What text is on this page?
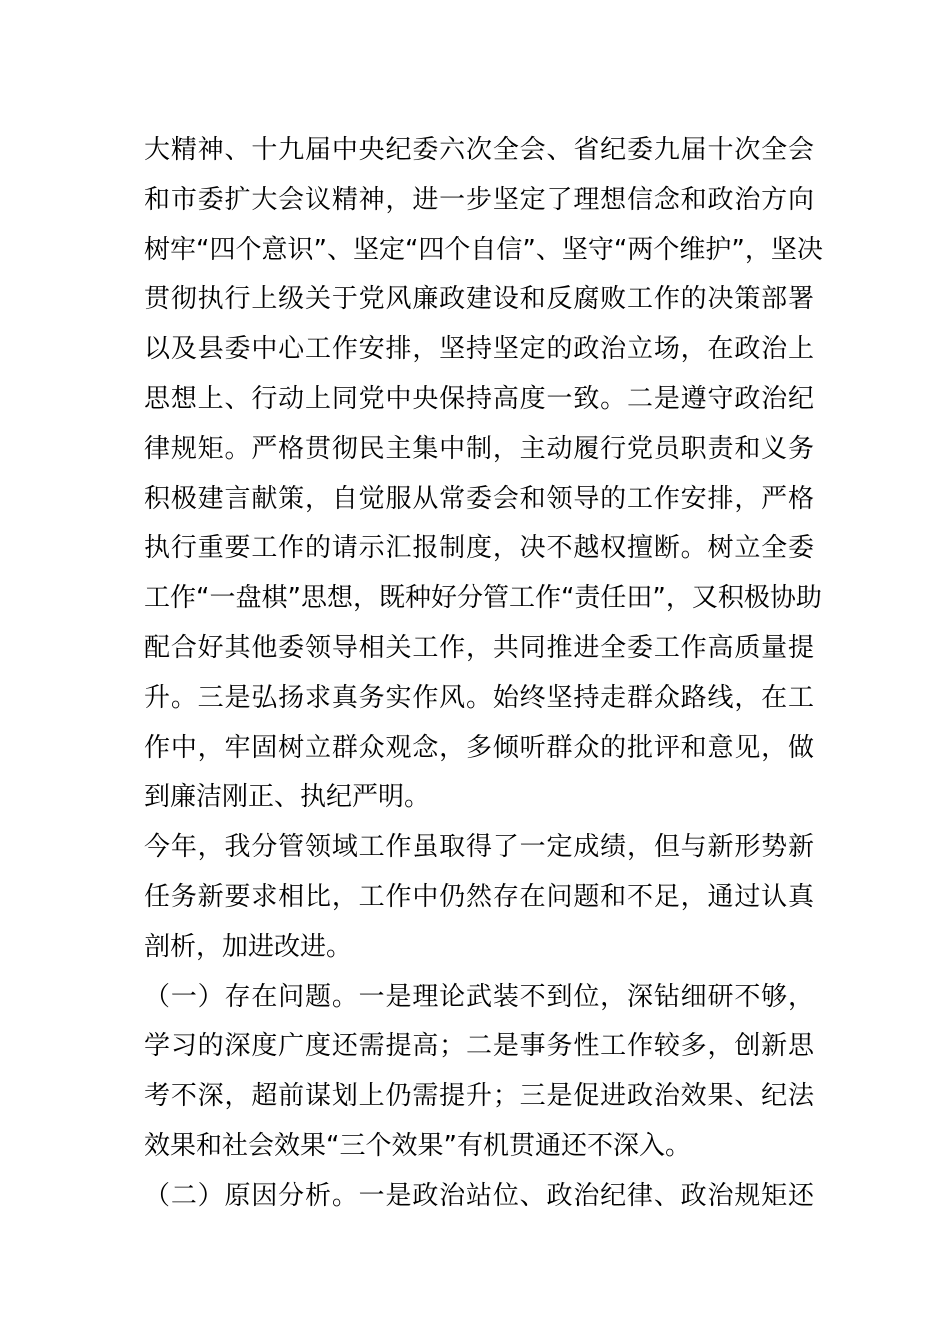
大精神、十九届中央纪委六次全会、省纪委九届十次全会
和市委扩大会议精神，进一步坚定了理想信念和政治方向
树牢“四个意识”、坚定“四个自信”、坚守“两个维护”，坚决
贯彻执行上级关于党风廉政建设和反腐败工作的决策部署
以及县委中心工作安排，坚持坚定的政治立场，在政治上
思想上、行动上同党中央保持高度一致。二是遵守政治纪
律规矩。严格贯彻民主集中制，主动履行党员职责和义务
积极建言献策，自觉服从常委会和领导的工作安排，严格
执行重要工作的请示汇报制度，决不越权擅断。树立全委
工作“一盘棋”思想，既种好分管工作“责任田”，又积极协助
配合好其他委领导相关工作，共同推进全委工作高质量提
升。三是弘扬求真务实作风。始终坚持走群众路线，在工
作中，牢固树立群众观念，多倾听群众的批评和意见，做
到廉洁刚正、执纪严明。
今年，我分管领域工作虽取得了一定成绩，但与新形势新
任务新要求相比，工作中仍然存在问题和不足，通过认真
剖析，加进改进。
（一）存在问题。一是理论武装不到位，深钻细研不够，
学习的深度广度还需提高；二是事务性工作较多，创新思
考不深，超前谋划上仍需提升；三是促进政治效果、纪法
效果和社会效果“三个效果”有机贯通还不深入。
（二）原因分析。一是政治站位、政治纪律、政治规矩还
